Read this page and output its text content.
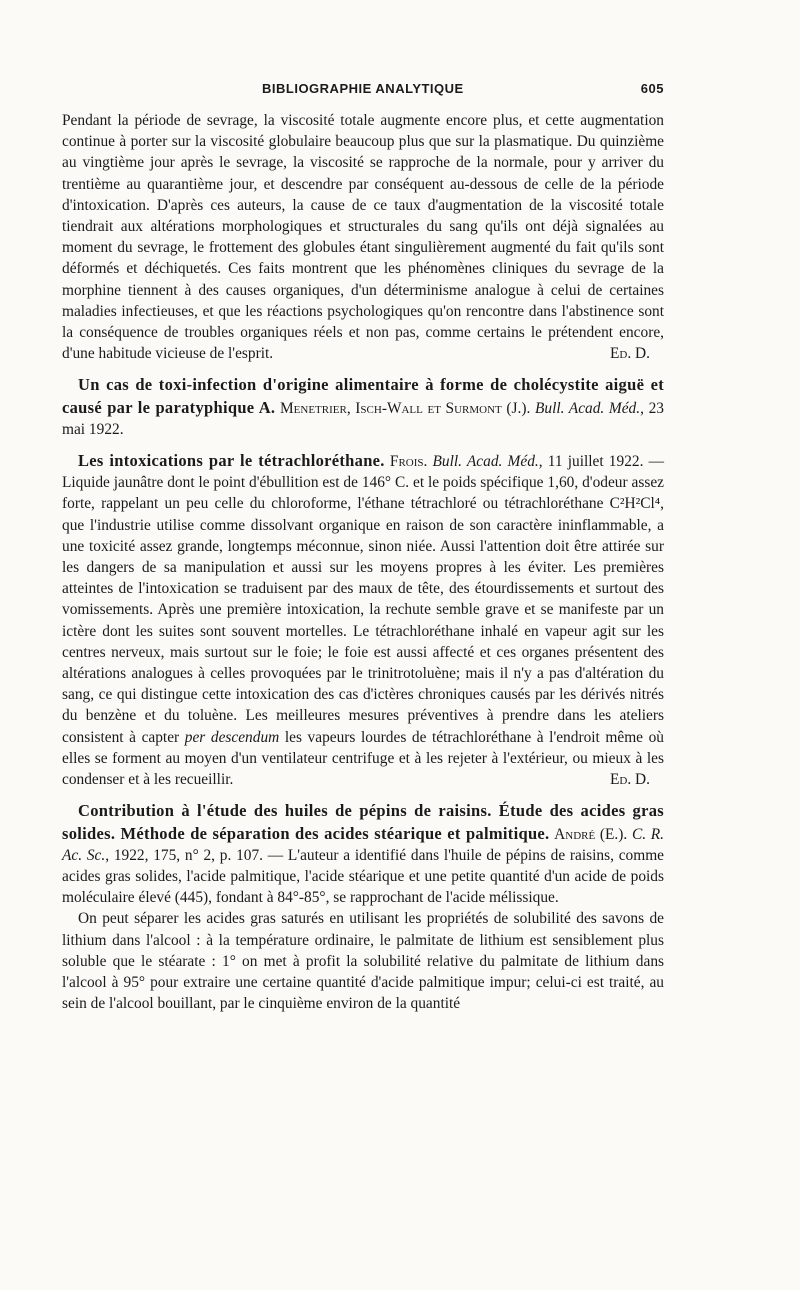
BIBLIOGRAPHIE ANALYTIQUE	605

Pendant la période de sevrage, la viscosité totale augmente encore plus, et cette augmentation continue à porter sur la viscosité globulaire beaucoup plus que sur la plasmatique. Du quinzième au vingtième jour après le sevrage, la viscosité se rapproche de la normale, pour y arriver du trentième au quarantième jour, et descendre par conséquent au-dessous de celle de la période d'intoxication. D'après ces auteurs, la cause de ce taux d'augmentation de la viscosité totale tiendrait aux altérations morphologiques et structurales du sang qu'ils ont déjà signalées au moment du sevrage, le frottement des globules étant singulièrement augmenté du fait qu'ils sont déformés et déchiquetés. Ces faits montrent que les phénomènes cliniques du sevrage de la morphine tiennent à des causes organiques, d'un déterminisme analogue à celui de certaines maladies infectieuses, et que les réactions psychologiques qu'on rencontre dans l'abstinence sont la conséquence de troubles organiques réels et non pas, comme certains le prétendent encore, d'une habitude vicieuse de l'esprit.	Ed. D.

Un cas de toxi-infection d'origine alimentaire à forme de cholécystite aiguë et causé par le paratyphique A. Menetrier, Isch-Wall et Surmont (J.). Bull. Acad. Méd., 23 mai 1922.

Les intoxications par le tétrachloréthane. Frois. Bull. Acad. Méd., 11 juillet 1922. — Liquide jaunâtre dont le point d'ébullition est de 146° C. et le poids spécifique 1,60, d'odeur assez forte, rappelant un peu celle du chloroforme, l'éthane tétrachloré ou tétrachloréthane C²H²Cl⁴, que l'industrie utilise comme dissolvant organique en raison de son caractère ininflammable, a une toxicité assez grande, longtemps méconnue, sinon niée. Aussi l'attention doit être attirée sur les dangers de sa manipulation et aussi sur les moyens propres à les éviter. Les premières atteintes de l'intoxication se traduisent par des maux de tête, des étourdissements et surtout des vomissements. Après une première intoxication, la rechute semble grave et se manifeste par un ictère dont les suites sont souvent mortelles. Le tétrachloréthane inhalé en vapeur agit sur les centres nerveux, mais surtout sur le foie; le foie est aussi affecté et ces organes présentent des altérations analogues à celles provoquées par le trinitrotoluène; mais il n'y a pas d'altération du sang, ce qui distingue cette intoxication des cas d'ictères chroniques causés par les dérivés nitrés du benzène et du toluène. Les meilleures mesures préventives à prendre dans les ateliers consistent à capter per descendum les vapeurs lourdes de tétrachloréthane à l'endroit même où elles se forment au moyen d'un ventilateur centrifuge et à les rejeter à l'extérieur, ou mieux à les condenser et à les recueillir.	Ed. D.

Contribution à l'étude des huiles de pépins de raisins. Étude des acides gras solides. Méthode de séparation des acides stéarique et palmitique. André (E.). C. R. Ac. Sc., 1922, 175, n° 2, p. 107. — L'auteur a identifié dans l'huile de pépins de raisins, comme acides gras solides, l'acide palmitique, l'acide stéarique et une petite quantité d'un acide de poids moléculaire élevé (445), fondant à 84°-85°, se rapprochant de l'acide mélissique.

On peut séparer les acides gras saturés en utilisant les propriétés de solubilité des savons de lithium dans l'alcool : à la température ordinaire, le palmitate de lithium est sensiblement plus soluble que le stéarate : 1° on met à profit la solubilité relative du palmitate de lithium dans l'alcool à 95° pour extraire une certaine quantité d'acide palmitique impur; celui-ci est traité, au sein de l'alcool bouillant, par le cinquième environ de la quantité
